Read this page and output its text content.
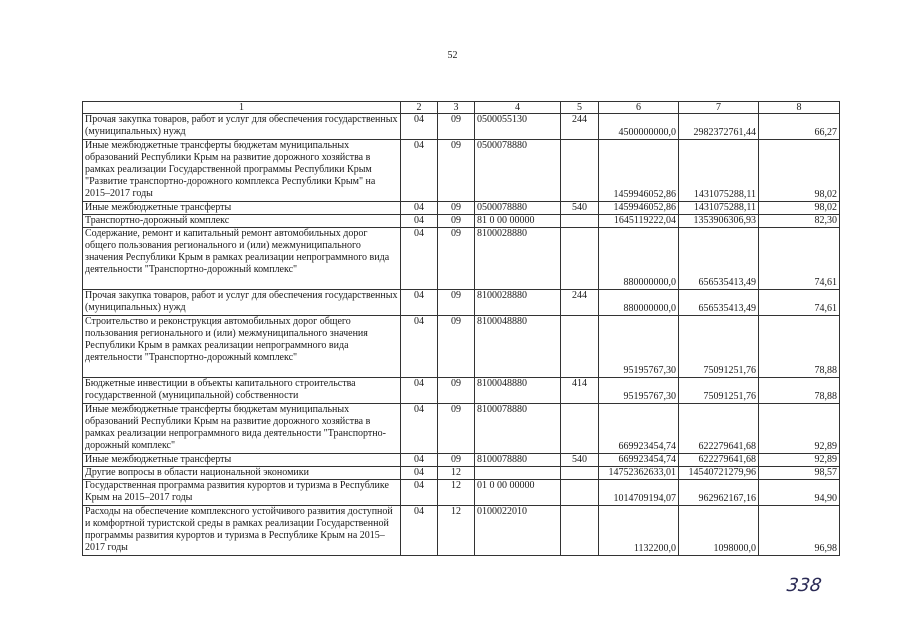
52
1	2	3	4	5	6	7	8
Прочая закупка товаров, работ и услуг для обеспечения государственных (муниципальных) нужд	04	09	0500055130	244	4500000000,0	2982372761,44	66,27
Иные межбюджетные трансферты бюджетам муниципальных образований Республики Крым на развитие дорожного хозяйства в рамках реализации Государственной программы Республики Крым "Развитие транспортно-дорожного комплекса Республики Крым" на 2015–2017 годы	04	09	0500078880		1459946052,86	1431075288,11	98,02
Иные межбюджетные трансферты	04	09	0500078880	540	1459946052,86	1431075288,11	98,02
Транспортно-дорожный комплекс	04	09	81 0 00 00000		1645119222,04	1353906306,93	82,30
Содержание, ремонт и капитальный ремонт автомобильных дорог общего пользования регионального и (или) межмуниципального значения Республики Крым в рамках реализации непрограммного вида деятельности "Транспортно-дорожный комплекс"	04	09	8100028880		880000000,0	656535413,49	74,61
Прочая закупка товаров, работ и услуг для обеспечения государственных (муниципальных) нужд	04	09	8100028880	244	880000000,0	656535413,49	74,61
Строительство и реконструкция автомобильных дорог общего пользования регионального и (или) межмуниципального значения Республики Крым в рамках реализации непрограммного вида деятельности "Транспортно-дорожный комплекс"	04	09	8100048880		95195767,30	75091251,76	78,88
Бюджетные инвестиции в объекты капитального строительства государственной (муниципальной) собственности	04	09	8100048880	414	95195767,30	75091251,76	78,88
Иные межбюджетные трансферты бюджетам муниципальных образований Республики Крым на развитие дорожного хозяйства в рамках реализации непрограммного вида деятельности "Транспортно-дорожный комплекс"	04	09	8100078880		669923454,74	622279641,68	92,89
Иные межбюджетные трансферты	04	09	8100078880	540	669923454,74	622279641,68	92,89
Другие вопросы в области национальной экономики	04	12			14752362633,01	14540721279,96	98,57
Государственная программа развития курортов и туризма в Республике Крым на 2015–2017 годы	04	12	01 0 00 00000		1014709194,07	962962167,16	94,90
Расходы на обеспечение комплексного устойчивого развития доступной и комфортной туристской среды в рамках реализации Государственной программы развития курортов и туризма в Республике Крым на 2015–2017 годы	04	12	0100022010		1132200,0	1098000,0	96,98
338
